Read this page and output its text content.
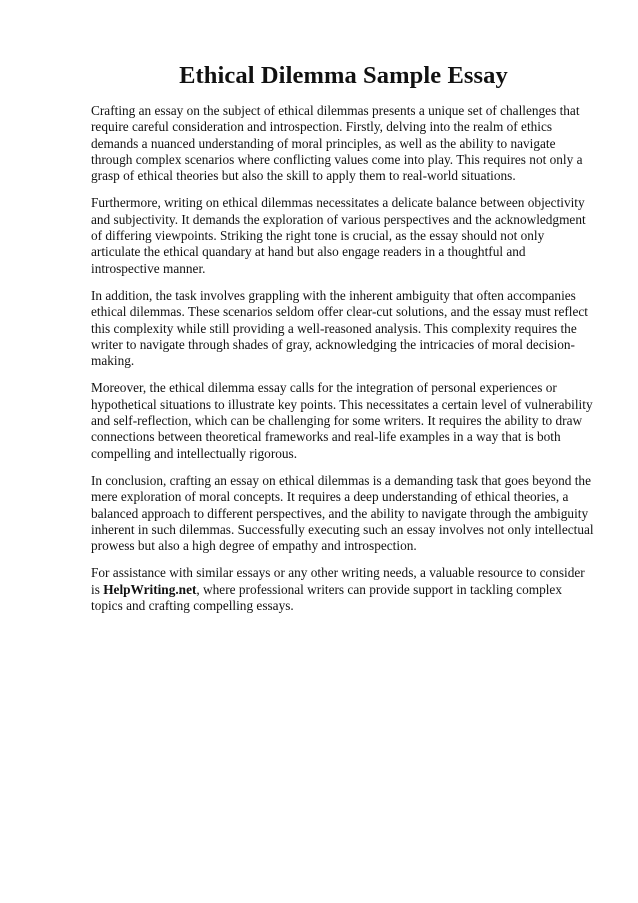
Ethical Dilemma Sample Essay

Crafting an essay on the subject of ethical dilemmas presents a unique set of challenges that require careful consideration and introspection. Firstly, delving into the realm of ethics demands a nuanced understanding of moral principles, as well as the ability to navigate through complex scenarios where conflicting values come into play. This requires not only a grasp of ethical theories but also the skill to apply them to real-world situations.

Furthermore, writing on ethical dilemmas necessitates a delicate balance between objectivity and subjectivity. It demands the exploration of various perspectives and the acknowledgment of differing viewpoints. Striking the right tone is crucial, as the essay should not only articulate the ethical quandary at hand but also engage readers in a thoughtful and introspective manner.

In addition, the task involves grappling with the inherent ambiguity that often accompanies ethical dilemmas. These scenarios seldom offer clear-cut solutions, and the essay must reflect this complexity while still providing a well-reasoned analysis. This complexity requires the writer to navigate through shades of gray, acknowledging the intricacies of moral decision-making.

Moreover, the ethical dilemma essay calls for the integration of personal experiences or hypothetical situations to illustrate key points. This necessitates a certain level of vulnerability and self-reflection, which can be challenging for some writers. It requires the ability to draw connections between theoretical frameworks and real-life examples in a way that is both compelling and intellectually rigorous.

In conclusion, crafting an essay on ethical dilemmas is a demanding task that goes beyond the mere exploration of moral concepts. It requires a deep understanding of ethical theories, a balanced approach to different perspectives, and the ability to navigate through the ambiguity inherent in such dilemmas. Successfully executing such an essay involves not only intellectual prowess but also a high degree of empathy and introspection.

For assistance with similar essays or any other writing needs, a valuable resource to consider is HelpWriting.net, where professional writers can provide support in tackling complex topics and crafting compelling essays.
